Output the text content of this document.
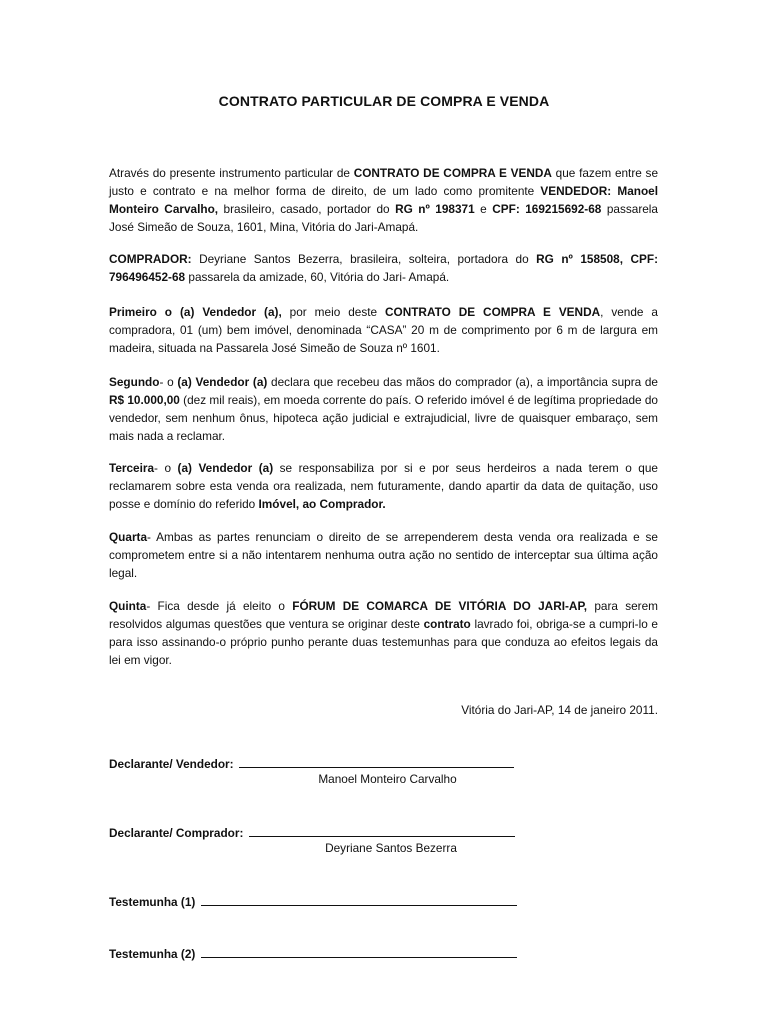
CONTRATO PARTICULAR DE COMPRA E VENDA

Através do presente instrumento particular de CONTRATO DE COMPRA E VENDA que fazem entre se justo e contrato e na melhor forma de direito, de um lado como promitente VENDEDOR: Manoel Monteiro Carvalho, brasileiro, casado, portador do RG nº 198371 e CPF: 169215692-68 passarela José Simeão de Souza, 1601, Mina, Vitória do Jari-Amapá.

COMPRADOR: Deyriane Santos Bezerra, brasileira, solteira, portadora do RG nº 158508, CPF: 796496452-68 passarela da amizade, 60, Vitória do Jari- Amapá.

Primeiro o (a) Vendedor (a), por meio deste CONTRATO DE COMPRA E VENDA, vende a compradora, 01 (um) bem imóvel, denominada “CASA” 20 m de comprimento por 6 m de largura em madeira, situada na Passarela José Simeão de Souza nº 1601.

Segundo- o (a) Vendedor (a) declara que recebeu das mãos do comprador (a), a importância supra de R$ 10.000,00 (dez mil reais), em moeda corrente do país. O referido imóvel é de legítima propriedade do vendedor, sem nenhum ônus, hipoteca ação judicial e extrajudicial, livre de quaisquer embaraço, sem mais nada a reclamar.

Terceira- o (a) Vendedor (a) se responsabiliza por si e por seus herdeiros a nada terem o que reclamarem sobre esta venda ora realizada, nem futuramente, dando apartir da data de quitação, uso posse e domínio do referido Imóvel, ao Comprador.

Quarta- Ambas as partes renunciam o direito de se arrependerem desta venda ora realizada e se comprometem entre si a não intentarem nenhuma outra ação no sentido de interceptar sua última ação legal.

Quinta- Fica desde já eleito o FÓRUM DE COMARCA DE VITÓRIA DO JARI-AP, para serem resolvidos algumas questões que ventura se originar deste contrato lavrado foi, obriga-se a cumpri-lo e para isso assinando-o próprio punho perante duas testemunhas para que conduza ao efeitos legais da lei em vigor.

Vitória do Jari-AP, 14 de janeiro 2011.
Declarante/ Vendedor:
Manoel Monteiro Carvalho
Declarante/ Comprador:
Deyriane Santos Bezerra
Testemunha (1)
Testemunha (2)
